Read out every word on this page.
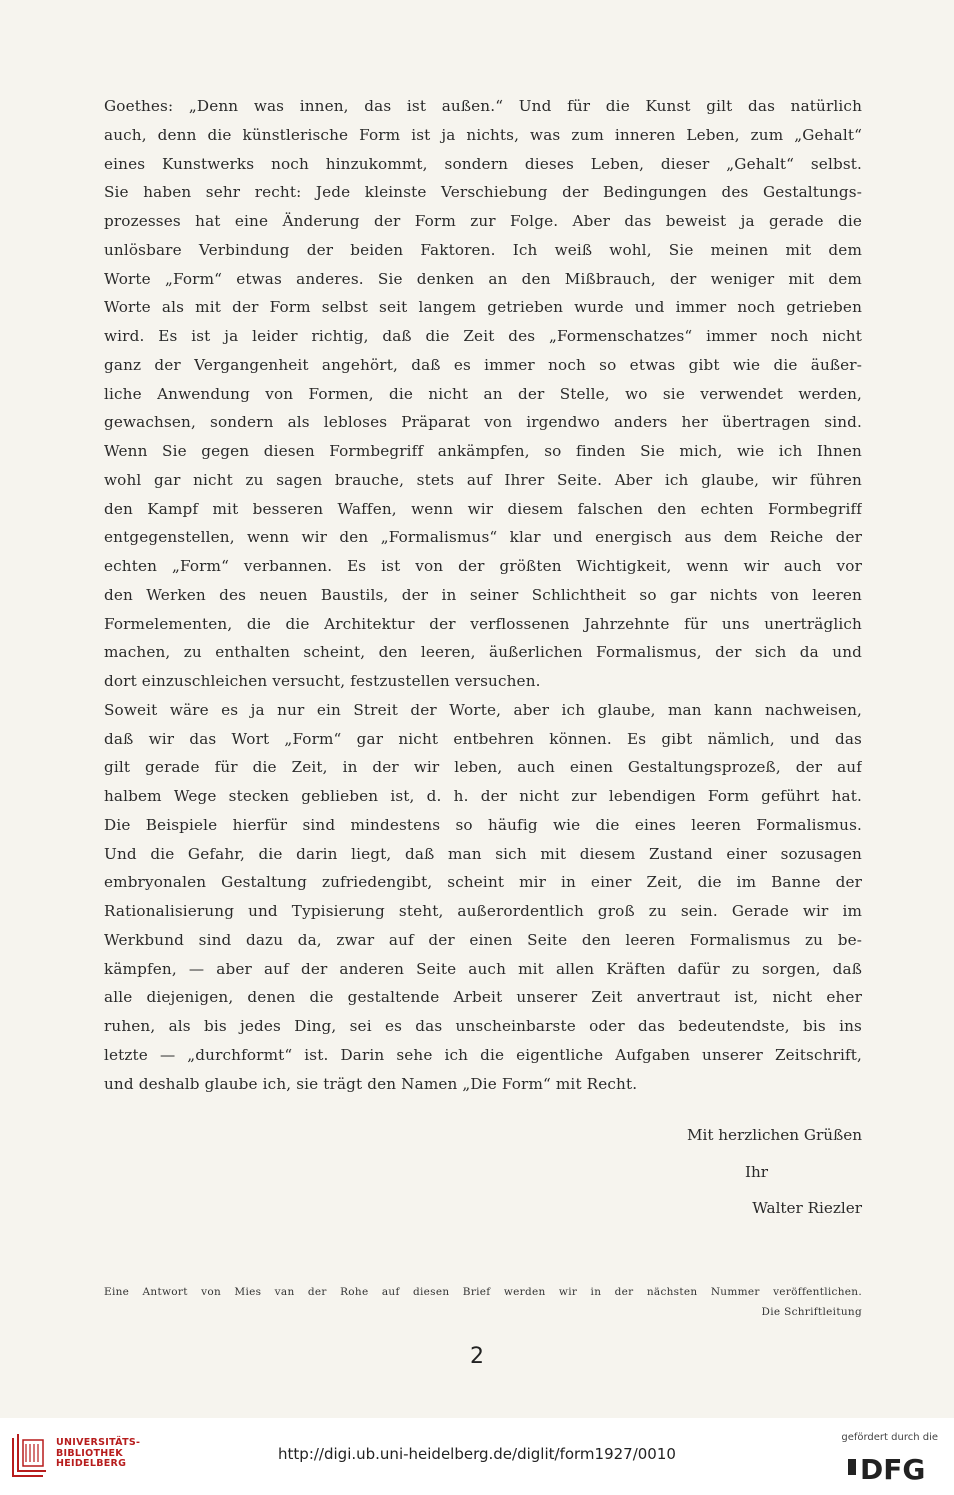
Goethes: „Denn was innen, das ist außen.“ Und für die Kunst gilt das natürlich
auch, denn die künstlerische Form ist ja nichts, was zum inneren Leben, zum „Gehalt“
eines Kunstwerks noch hinzukommt, sondern dieses Leben, dieser „Gehalt“ selbst.
Sie haben sehr recht: Jede kleinste Verschiebung der Bedingungen des Gestaltungs-
prozesses hat eine Änderung der Form zur Folge. Aber das beweist ja gerade die
unlösbare Verbindung der beiden Faktoren. Ich weiß wohl, Sie meinen mit dem
Worte „Form“ etwas anderes. Sie denken an den Mißbrauch, der weniger mit dem
Worte als mit der Form selbst seit langem getrieben wurde und immer noch getrieben
wird. Es ist ja leider richtig, daß die Zeit des „Formenschatzes“ immer noch nicht
ganz der Vergangenheit angehört, daß es immer noch so etwas gibt wie die äußer-
liche Anwendung von Formen, die nicht an der Stelle, wo sie verwendet werden,
gewachsen, sondern als lebloses Präparat von irgendwo anders her übertragen sind.
Wenn Sie gegen diesen Formbegriff ankämpfen, so finden Sie mich, wie ich Ihnen
wohl gar nicht zu sagen brauche, stets auf Ihrer Seite. Aber ich glaube, wir führen
den Kampf mit besseren Waffen, wenn wir diesem falschen den echten Formbegriff
entgegenstellen, wenn wir den „Formalismus“ klar und energisch aus dem Reiche der
echten „Form“ verbannen. Es ist von der größten Wichtigkeit, wenn wir auch vor
den Werken des neuen Baustils, der in seiner Schlichtheit so gar nichts von leeren
Formelementen, die die Architektur der verflossenen Jahrzehnte für uns unerträglich
machen, zu enthalten scheint, den leeren, äußerlichen Formalismus, der sich da und
dort einzuschleichen versucht, festzustellen versuchen.
Soweit wäre es ja nur ein Streit der Worte, aber ich glaube, man kann nachweisen,
daß wir das Wort „Form“ gar nicht entbehren können. Es gibt nämlich, und das
gilt gerade für die Zeit, in der wir leben, auch einen Gestaltungsprozeß, der auf
halbem Wege stecken geblieben ist, d. h. der nicht zur lebendigen Form geführt hat.
Die Beispiele hierfür sind mindestens so häufig wie die eines leeren Formalismus.
Und die Gefahr, die darin liegt, daß man sich mit diesem Zustand einer sozusagen
embryonalen Gestaltung zufriedengibt, scheint mir in einer Zeit, die im Banne der
Rationalisierung und Typisierung steht, außerordentlich groß zu sein. Gerade wir im
Werkbund sind dazu da, zwar auf der einen Seite den leeren Formalismus zu be-
kämpfen, — aber auf der anderen Seite auch mit allen Kräften dafür zu sorgen, daß
alle diejenigen, denen die gestaltende Arbeit unserer Zeit anvertraut ist, nicht eher
ruhen, als bis jedes Ding, sei es das unscheinbarste oder das bedeutendste, bis ins
letzte — „durchformt“ ist. Darin sehe ich die eigentliche Aufgaben unserer Zeitschrift,
und deshalb glaube ich, sie trägt den Namen „Die Form“ mit Recht.
Mit herzlichen Grüßen
Ihr
Walter Riezler
Eine Antwort von Mies van der Rohe auf diesen Brief werden wir in der nächsten Nummer veröffentlichen.
Die Schriftleitung
2
UNIVERSITÄTS-
BIBLIOTHEK
HEIDELBERG
http://digi.ub.uni-heidelberg.de/diglit/form1927/0010
gefördert durch die
DFG
